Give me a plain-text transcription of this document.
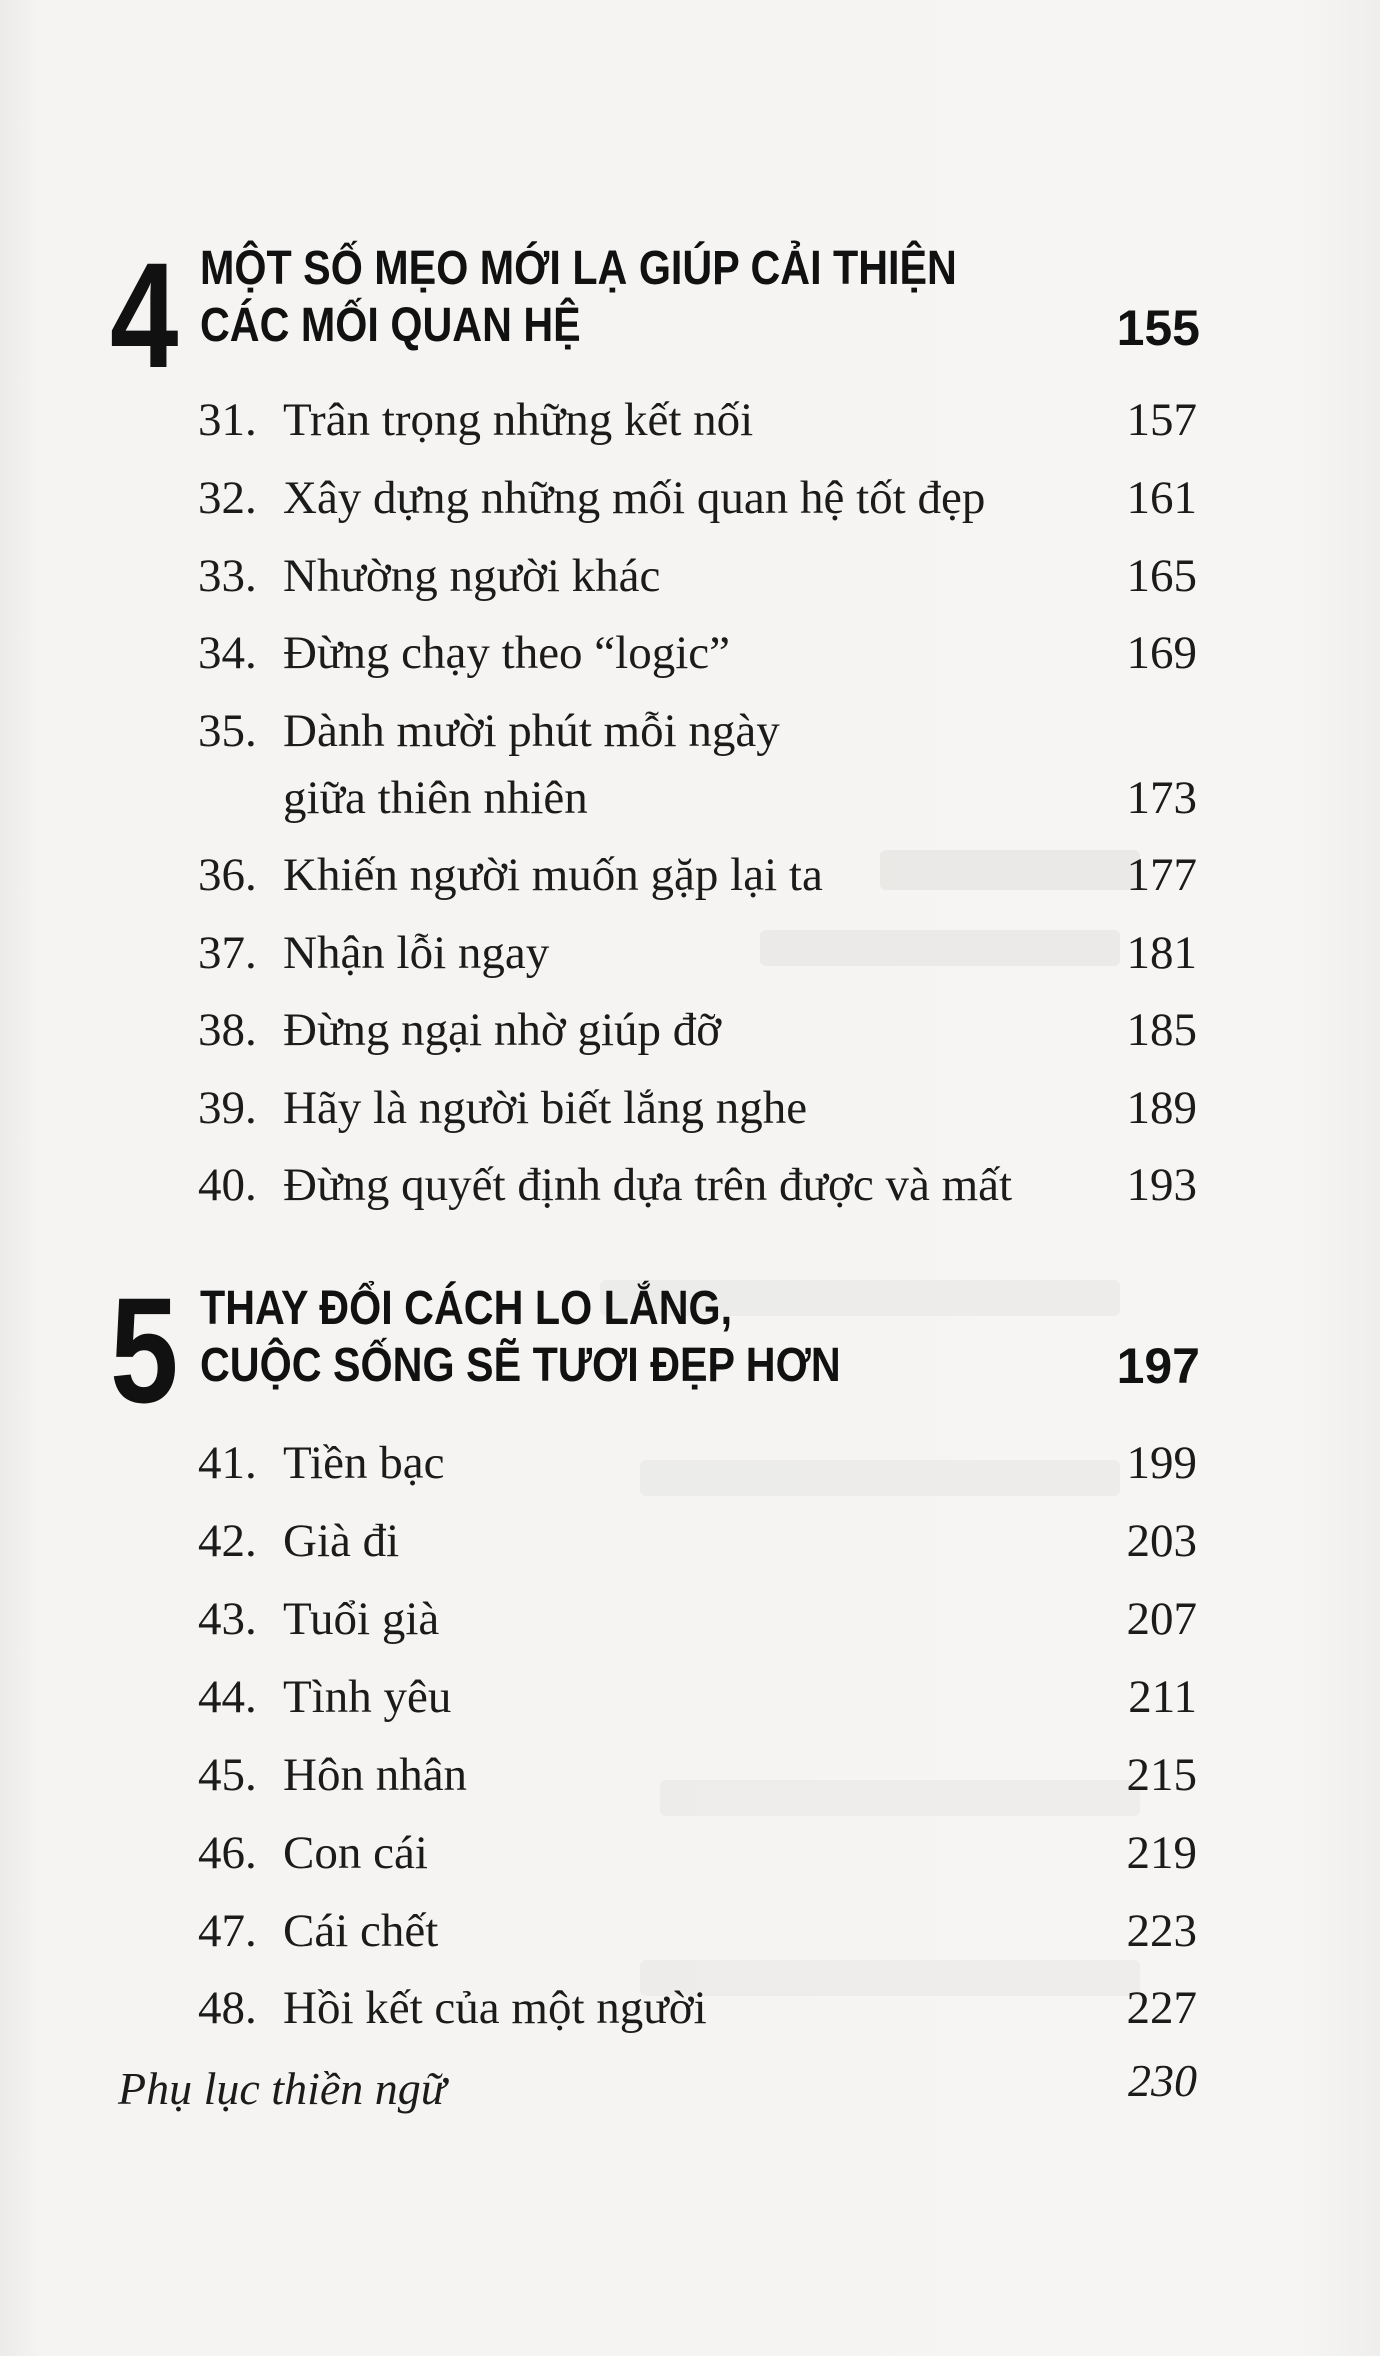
4 MỘT SỐ MẸO MỚI LẠ GIÚP CẢI THIỆN
CÁC MỐI QUAN HỆ	155
31. Trân trọng những kết nối	157
32. Xây dựng những mối quan hệ tốt đẹp	161
33. Nhường người khác	165
34. Đừng chạy theo “logic”	169
35. Dành mười phút mỗi ngày
giữa thiên nhiên	173
36. Khiến người muốn gặp lại ta	177
37. Nhận lỗi ngay	181
38. Đừng ngại nhờ giúp đỡ	185
39. Hãy là người biết lắng nghe	189
40. Đừng quyết định dựa trên được và mất 193
5 THAY ĐỔI CÁCH LO LẮNG,
CUỘC SỐNG SẼ TƯƠI ĐẸP HƠN	197
41. Tiền bạc	199
42. Già đi	203
43. Tuổi già	207
44. Tình yêu	211
45. Hôn nhân	215
46. Con cái	219
47. Cái chết	223
48. Hồi kết của một người	227
Phụ lục thiền ngữ	230
